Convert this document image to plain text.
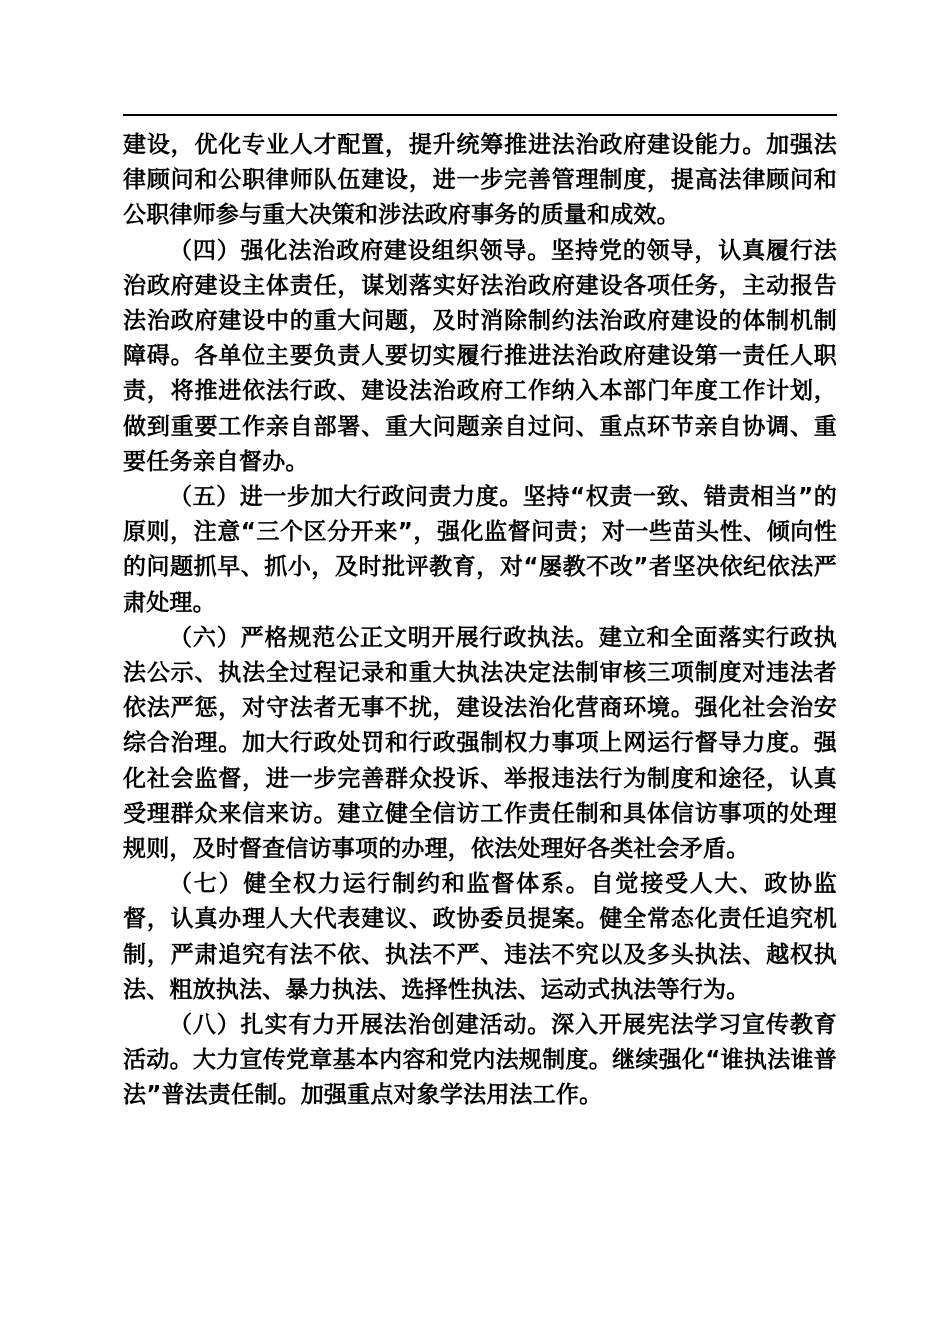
建设，优化专业人才配置，提升统筹推进法治政府建设能力。加强法律顾问和公职律师队伍建设，进一步完善管理制度，提高法律顾问和公职律师参与重大决策和涉法政府事务的质量和成效。

（四）强化法治政府建设组织领导。坚持党的领导，认真履行法治政府建设主体责任，谋划落实好法治政府建设各项任务，主动报告法治政府建设中的重大问题，及时消除制约法治政府建设的体制机制障碍。各单位主要负责人要切实履行推进法治政府建设第一责任人职责，将推进依法行政、建设法治政府工作纳入本部门年度工作计划，做到重要工作亲自部署、重大问题亲自过问、重点环节亲自协调、重要任务亲自督办。

（五）进一步加大行政问责力度。坚持“权责一致、错责相当”的原则，注意“三个区分开来”，强化监督问责；对一些苗头性、倾向性的问题抓早、抓小，及时批评教育，对“屡教不改”者坚决依纪依法严肃处理。

（六）严格规范公正文明开展行政执法。建立和全面落实行政执法公示、执法全过程记录和重大执法决定法制审核三项制度对违法者依法严惩，对守法者无事不扰，建设法治化营商环境。强化社会治安综合治理。加大行政处罚和行政强制权力事项上网运行督导力度。强化社会监督，进一步完善群众投诉、举报违法行为制度和途径，认真受理群众来信来访。建立健全信访工作责任制和具体信访事项的处理规则，及时督查信访事项的办理，依法处理好各类社会矛盾。

（七）健全权力运行制约和监督体系。自觉接受人大、政协监督，认真办理人大代表建议、政协委员提案。健全常态化责任追究机制，严肃追究有法不依、执法不严、违法不究以及多头执法、越权执法、粗放执法、暴力执法、选择性执法、运动式执法等行为。

（八）扎实有力开展法治创建活动。深入开展宪法学习宣传教育活动。大力宣传党章基本内容和党内法规制度。继续强化“谁执法谁普法”普法责任制。加强重点对象学法用法工作。
